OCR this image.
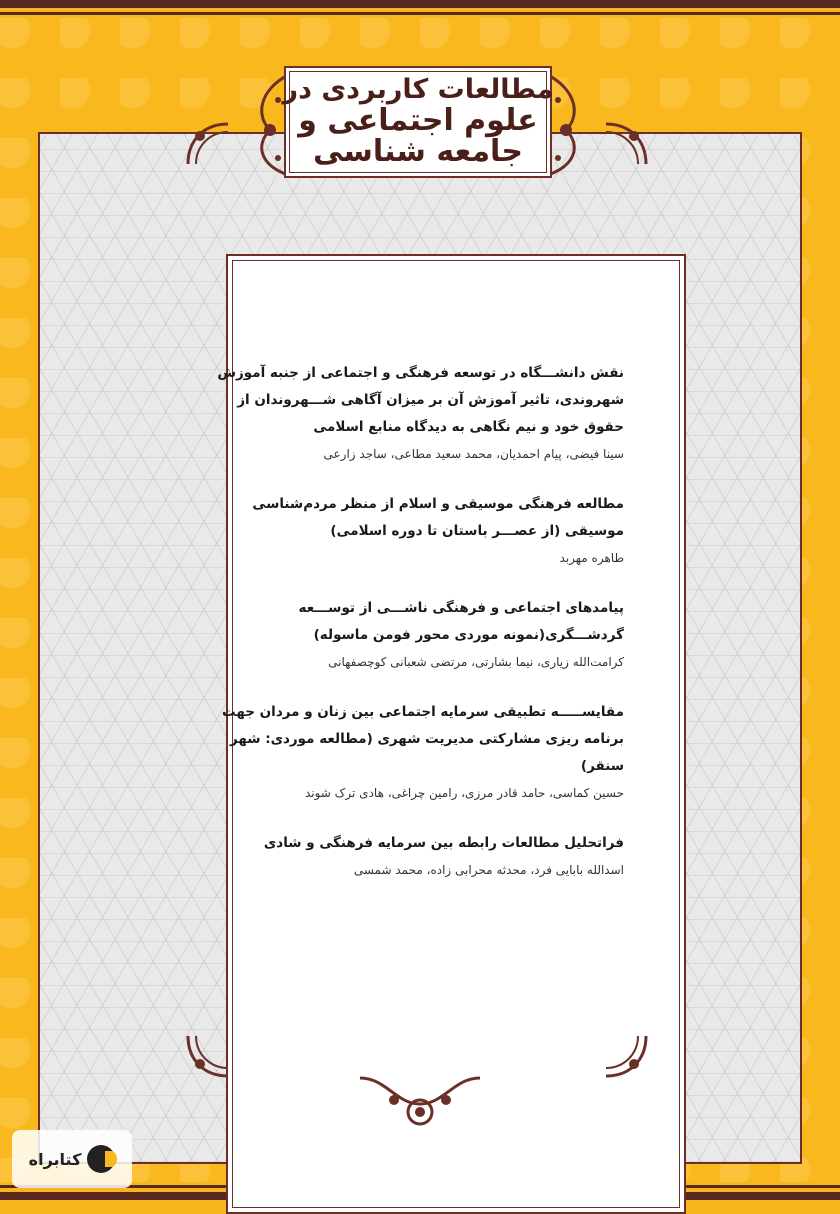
مطالعات کاربردی در
علوم اجتماعی و
جامعه شناسی
نقش دانشـــگاه در توسعه فرهنگی و اجتماعی از جنبه آموزش شهروندی، تاثیر آموزش آن بر میزان آگاهی شـــهروندان از حقوق خود و نیم نگاهی به دیدگاه منابع اسلامی
سینا فیضی، پیام احمدیان، محمد سعید مطاعی، ساجد زارعی
مطالعه فرهنگی موسیقی و اسلام از منظر مردم‌شناسی موسیقی (از عصـــر باستان تا دوره اسلامی)
طاهره مهربد
پیامدهای اجتماعی و فرهنگی ناشـــی از توســـعه گردشـــگری(نمونه موردی محور فومن ماسوله)
کرامت‌الله زیاری، نیما بشارتی، مرتضی شعبانی کوچصفهانی
مقایســـــه تطبیقی سرمایه اجتماعی بین زنان و مردان جهت برنامه ریزی مشارکتی مدیریت شهری (مطالعه موردی: شهر سنقر)
حسین کماسی، حامد قادر مرزی، رامین چراغی، هادی ترک شوند
فراتحلیل مطالعات رابطه بین سرمایه فرهنگی و شادی
اسدالله بابایی فرد، محدثه محرابی زاده، محمد شمسی
کتابراه
